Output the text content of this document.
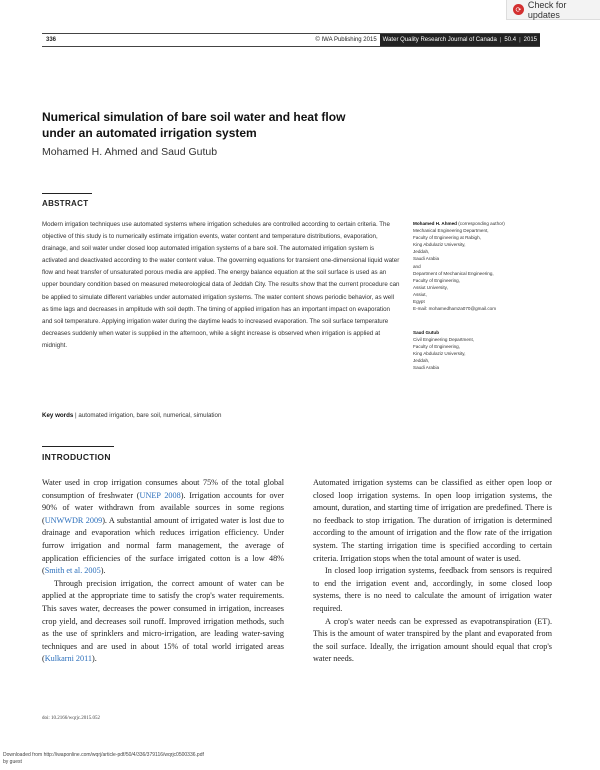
⟳
Check for updates
336	© IWA Publishing 2015	Water Quality Research Journal of Canada | 50.4 | 2015
Numerical simulation of bare soil water and heat flow under an automated irrigation system
Mohamed H. Ahmed and Saud Gutub
ABSTRACT
Modern irrigation techniques use automated systems where irrigation schedules are controlled according to certain criteria. The objective of this study is to numerically estimate irrigation events, water content and temperature distributions, evaporation, drainage, and soil water under closed loop automated irrigation systems of a bare soil. The automated irrigation system is activated and deactivated according to the water content value. The governing equations for transient one-dimensional liquid water flow and heat transfer of unsaturated porous media are applied. The energy balance equation at the soil surface is used as an upper boundary condition based on measured meteorological data of Jeddah City. The results show that the current procedure can be applied to simulate different variables under automated irrigation systems. The water content shows periodic behavior, as well as time lags and decreases in amplitude with soil depth. The timing of applied irrigation has an important impact on evaporation and soil temperature. Applying irrigation water during the daytime leads to increased evaporation. The soil surface temperature decreases suddenly when water is supplied in the afternoon, while a slight increase is observed when irrigation is applied at midnight.
Key words | automated irrigation, bare soil, numerical, simulation
Mohamed H. Ahmed (corresponding author)
Mechanical Engineering Department,
Faculty of Engineering at Rabigh,
King Abdulaziz University,
Jeddah,
Saudi Arabia
and
Department of Mechanical Engineering,
Faculty of Engineering,
Assiut University,
Assiut,
Egypt
E-mail: mohamedhamza070@gmail.com
Saud Gutub
Civil Engineering Department,
Faculty of Engineering,
King Abdulaziz University,
Jeddah,
Saudi Arabia
INTRODUCTION

Water used in crop irrigation consumes about 75% of the total global consumption of freshwater (UNEP 2008). Irrigation accounts for over 90% of water withdrawn from available sources in some regions (UNWWDR 2009). A substantial amount of irrigated water is lost due to drainage and evaporation which reduces irrigation efficiency. Under furrow irrigation and normal farm management, the average of application efficiencies of the surface irrigated cotton is a low 48% (Smith et al. 2005).

Through precision irrigation, the correct amount of water can be applied at the appropriate time to satisfy the crop's water requirements. This saves water, decreases the power consumed in irrigation, increases crop yield, and decreases soil runoff. Improved irrigation methods, such as the use of sprinklers and micro-irrigation, are leading water-saving techniques and are used in about 15% of total world irrigated areas (Kulkarni 2011).

Automated irrigation systems can be classified as either open loop or closed loop irrigation systems. In open loop irrigation systems, the amount, duration, and starting time of irrigation are predefined. There is no feedback to stop irrigation. The duration of irrigation is determined according to the amount of irrigation and the flow rate of the irrigation system. The starting irrigation time is specified according to certain criteria. Irrigation stops when the total amount of water is used.

In closed loop irrigation systems, feedback from sensors is required to end the irrigation event and, accordingly, in some closed loop systems, there is no need to calculate the amount of irrigation water required.

A crop's water needs can be expressed as evapotranspiration (ET). This is the amount of water transpired by the plant and evaporated from the soil surface. Ideally, the irrigation amount should equal that crop's water needs.

doi: 10.2166/wqrjc.2015.052
Downloaded from http://iwaponline.com/wqrj/article-pdf/50/4/336/379116/wqrjc0500336.pdf
by guest
